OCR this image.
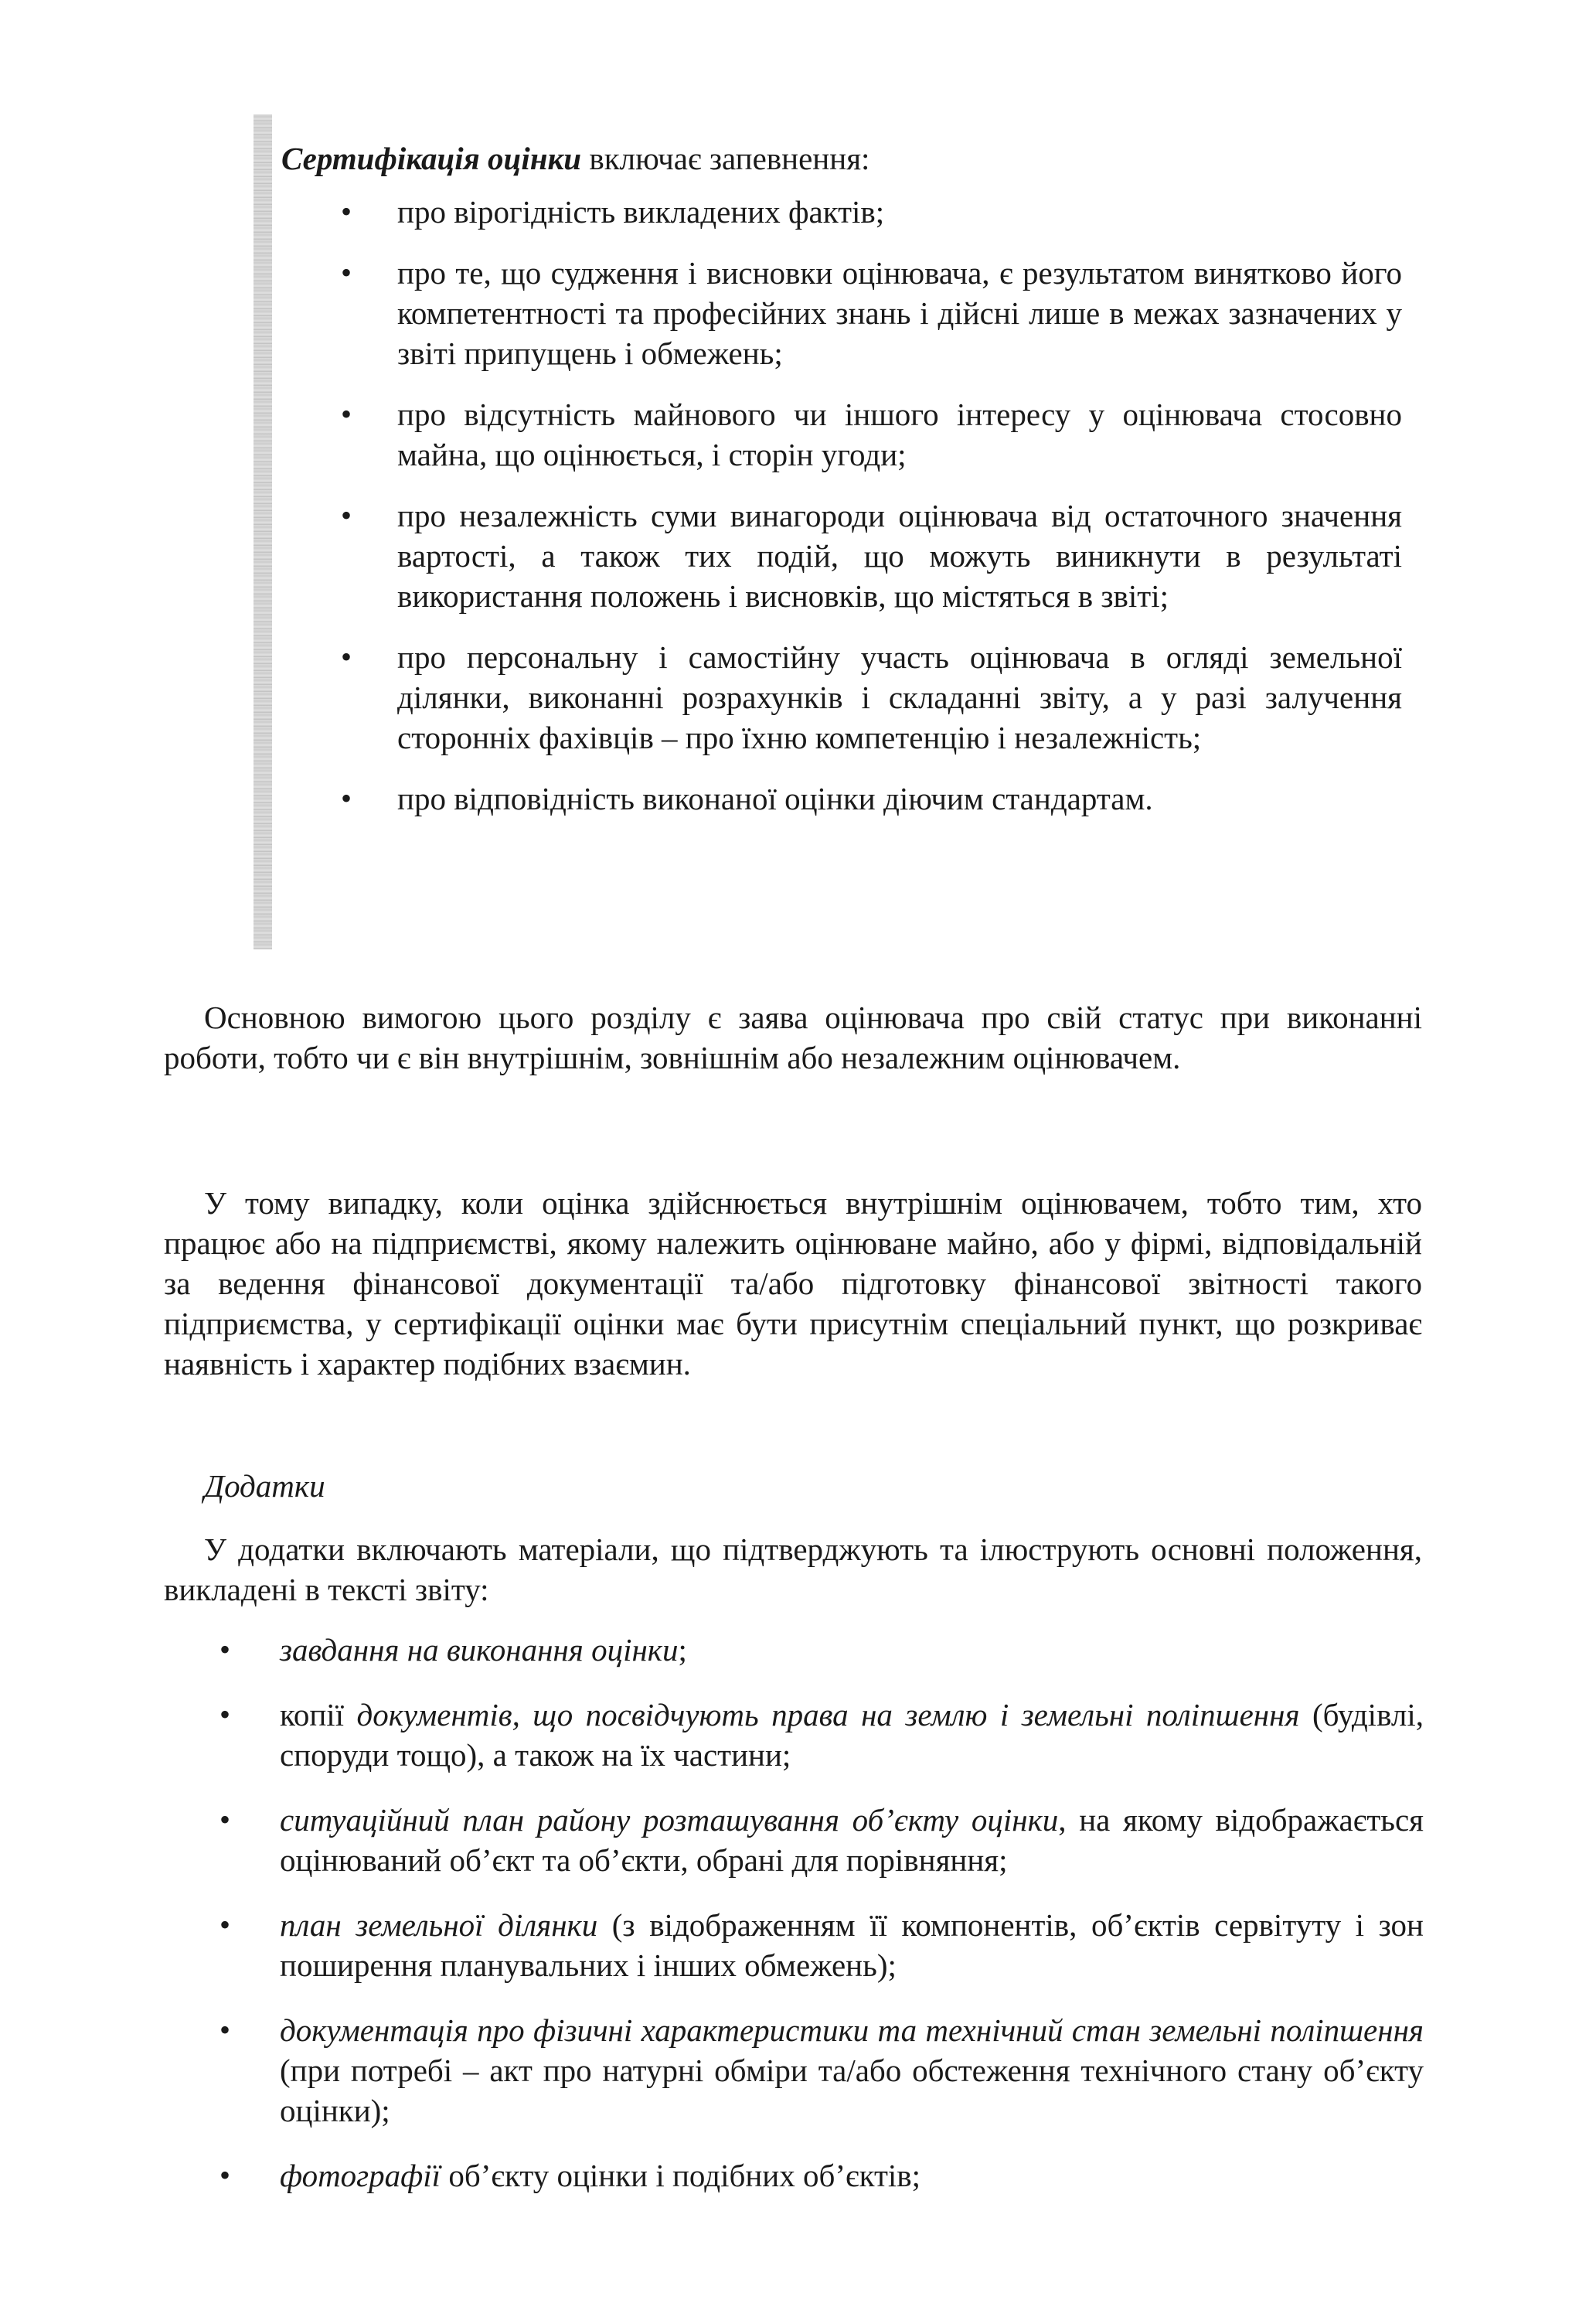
Сертифікація оцінки включає запевнення:
• про вірогідність викладених фактів;
• про те, що судження і висновки оцінювача, є результатом винятково його компетентності та професійних знань і дійсні лише в межах зазначених у звіті припущень і обмежень;
• про відсутність майнового чи іншого інтересу у оцінювача стосовно майна, що оцінюється, і сторін угоди;
• про незалежність суми винагороди оцінювача від остаточного значення вартості, а також тих подій, що можуть виникнути в результаті використання положень і висновків, що містяться в звіті;
• про персональну і самостійну участь оцінювача в огляді земельної ділянки, виконанні розрахунків і складанні звіту, а у разі залучення сторонніх фахівців – про їхню компетенцію і незалежність;
• про відповідність виконаної оцінки діючим стандартам.

Основною вимогою цього розділу є заява оцінювача про свій статус при виконанні роботи, тобто чи є він внутрішнім, зовнішнім або незалежним оцінювачем.

У тому випадку, коли оцінка здійснюється внутрішнім оцінювачем, тобто тим, хто працює або на підприємстві, якому належить оцінюване майно, або у фірмі, відповідальній за ведення фінансової документації та/або підготовку фінансової звітності такого підприємства, у сертифікації оцінки має бути присутнім спеціальний пункт, що розкриває наявність і характер подібних взаємин.

Додатки

У додатки включають матеріали, що підтверджують та ілюструють основні положення, викладені в тексті звіту:

• завдання на виконання оцінки;
• копії документів, що посвідчують права на землю і земельні поліпшення (будівлі, споруди тощо), а також на їх частини;
• ситуаційний план району розташування об’єкту оцінки, на якому відображається оцінюваний об’єкт та об’єкти, обрані для порівняння;
• план земельної ділянки (з відображенням її компонентів, об’єктів сервітуту і зон поширення планувальних і інших обмежень);
• документація про фізичні характеристики та технічний стан земельні поліпшення (при потребі – акт про натурні обміри та/або обстеження технічного стану об’єкту оцінки);
• фотографії об’єкту оцінки і подібних об’єктів;
